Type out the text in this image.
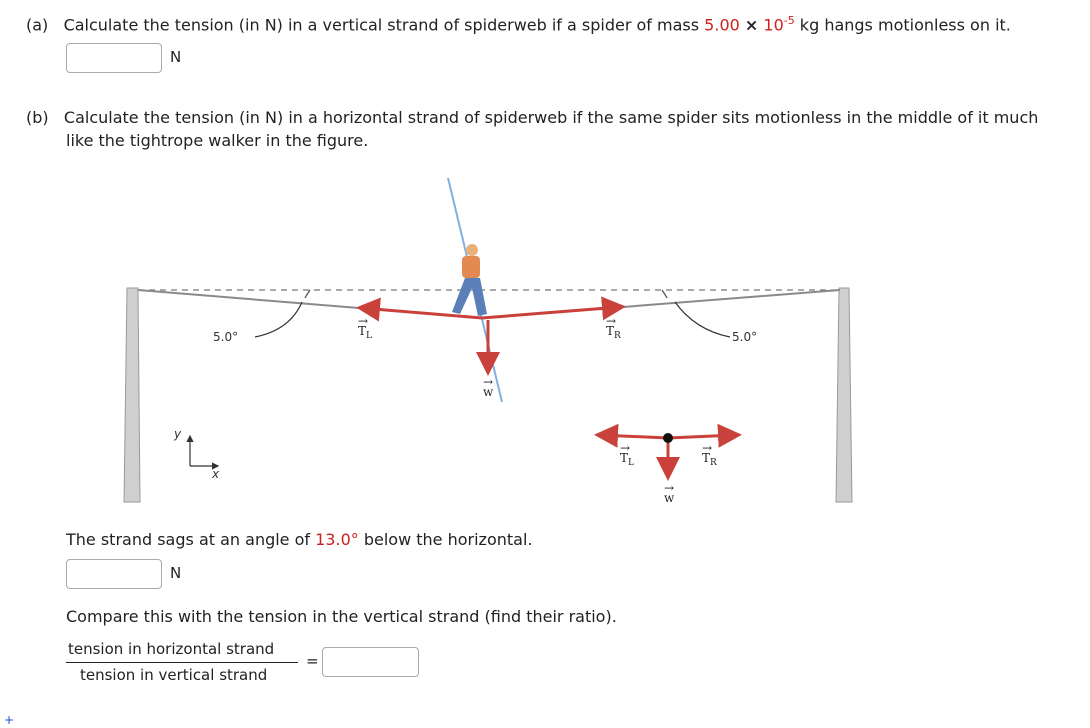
(a) Calculate the tension (in N) in a vertical strand of spiderweb if a spider of mass $5.00 \times 10^{-5}$ kg hangs motionless on it.
N
(b) Calculate the tension (in N) in a horizontal strand of spiderweb if the same spider sits motionless in the middle of it much
like the tightrope walker in the figure.
5.0°	5.0°
$T_L$	$T_R$
w
→	→
→
y
x
$T_L$	$T_R$
w
→	→
→
The strand sags at an angle of 13.0° below the horizontal.
N
Compare this with the tension in the vertical strand (find their ratio).
tension in horizontal strand
tension in vertical strand
=
+
